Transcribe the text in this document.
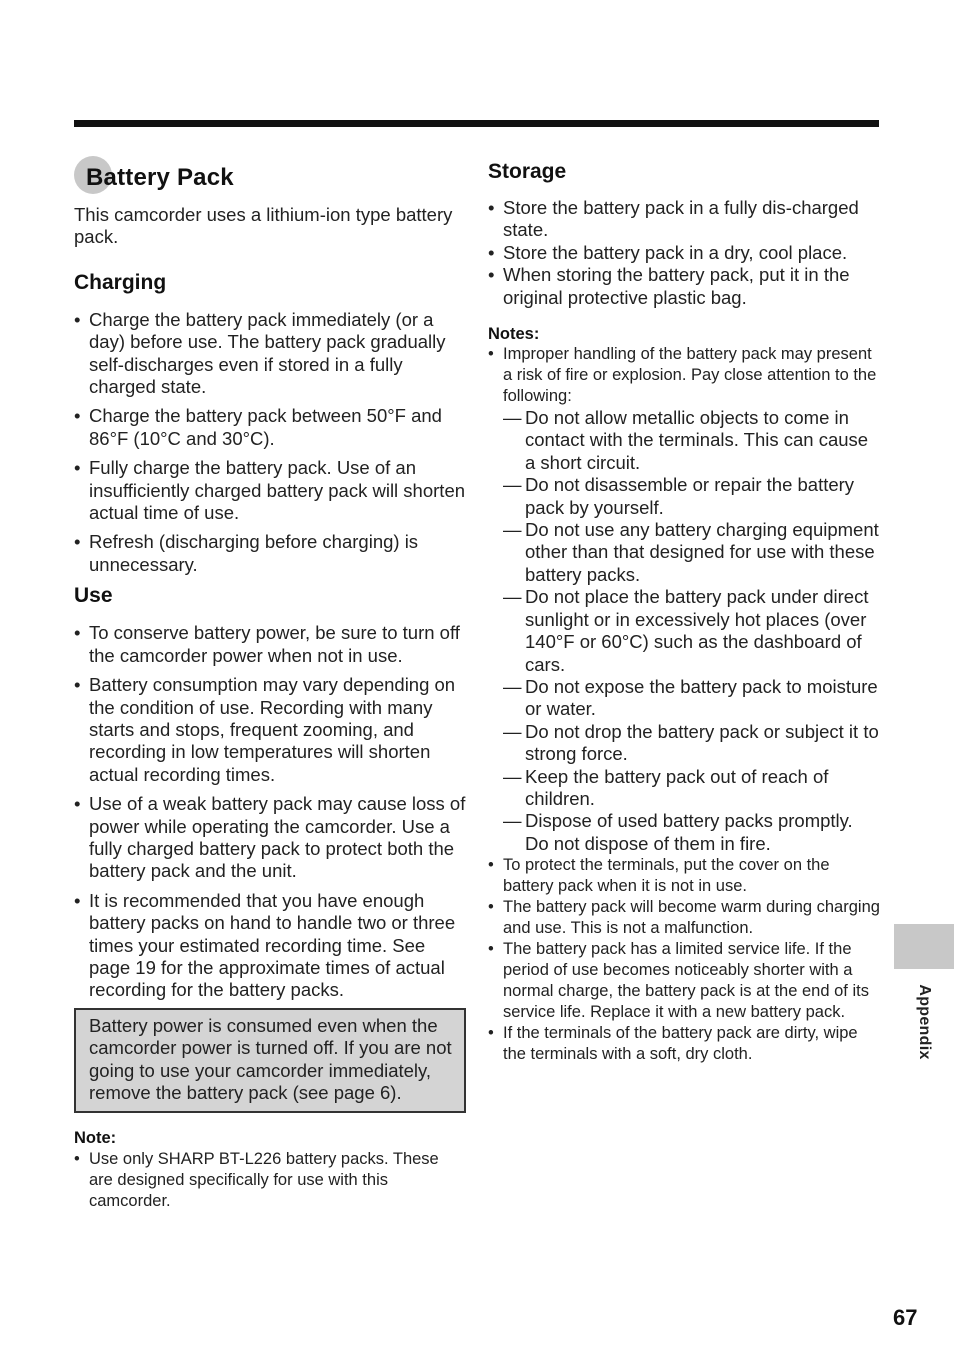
Battery Pack

This camcorder uses a lithium-ion type battery pack.

Charging
• Charge the battery pack immediately (or a day) before use. The battery pack gradually self-discharges even if stored in a fully charged state.
• Charge the battery pack between 50°F and 86°F (10°C and 30°C).
• Fully charge the battery pack. Use of an insufficiently charged battery pack will shorten actual time of use.
• Refresh (discharging before charging) is unnecessary.
Use
• To conserve battery power, be sure to turn off the camcorder power when not in use.
• Battery consumption may vary depending on the condition of use. Recording with many starts and stops, frequent zooming, and recording in low temperatures will shorten actual recording times.
• Use of a weak battery pack may cause loss of power while operating the camcorder. Use a fully charged battery pack to protect both the battery pack and the unit.
• It is recommended that you have enough battery packs on hand to handle two or three times your estimated recording time. See page 19 for the approximate times of actual recording for the battery packs.
Battery power is consumed even when the camcorder power is turned off. If you are not going to use your camcorder immediately, remove the battery pack (see page 6).
Note:
• Use only SHARP BT-L226 battery packs. These are designed specifically for use with this camcorder.
Storage
• Store the battery pack in a fully dis-charged state.
• Store the battery pack in a dry, cool place.
• When storing the battery pack, put it in the original protective plastic bag.
Notes:
• Improper handling of the battery pack may present a risk of fire or explosion. Pay close attention to the following:
— Do not allow metallic objects to come in contact with the terminals. This can cause a short circuit.
— Do not disassemble or repair the battery pack by yourself.
— Do not use any battery charging equipment other than that designed for use with these battery packs.
— Do not place the battery pack under direct sunlight or in excessively hot places (over 140°F or 60°C) such as the dashboard of cars.
— Do not expose the battery pack to moisture or water.
— Do not drop the battery pack or subject it to strong force.
— Keep the battery pack out of reach of children.
— Dispose of used battery packs promptly. Do not dispose of them in fire.
• To protect the terminals, put the cover on the battery pack when it is not in use.
• The battery pack will become warm during charging and use. This is not a malfunction.
• The battery pack has a limited service life. If the period of use becomes noticeably shorter with a normal charge, the battery pack is at the end of its service life. Replace it with a new battery pack.
• If the terminals of the battery pack are dirty, wipe the terminals with a soft, dry cloth.	Appendix
67
